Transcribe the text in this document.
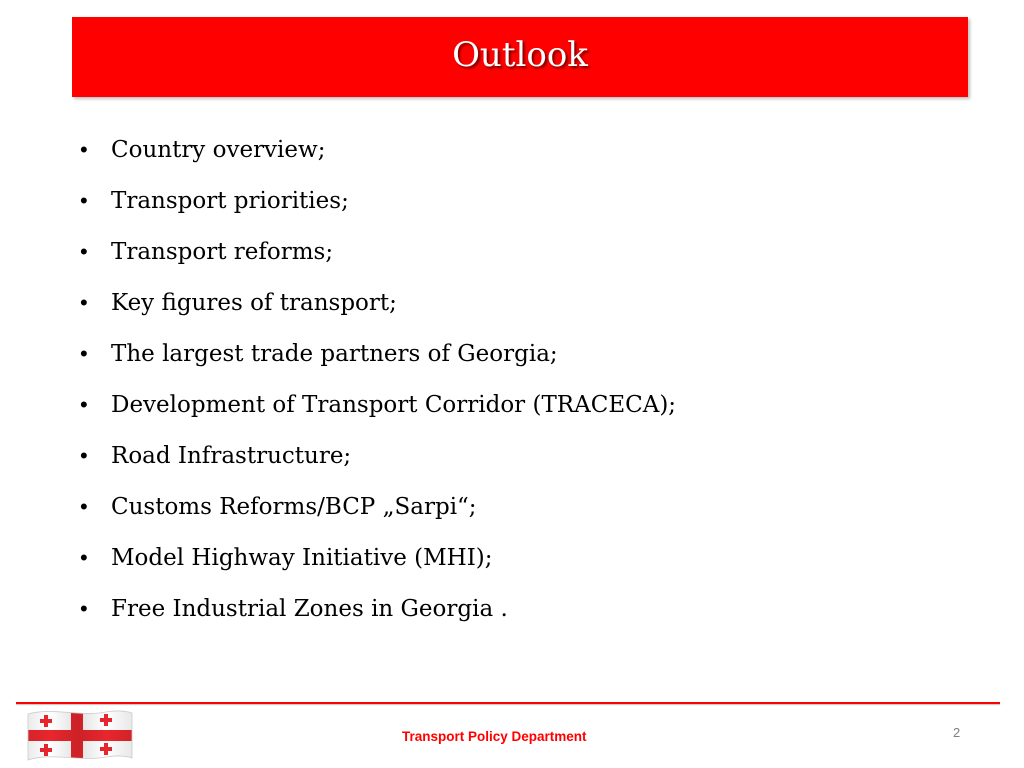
Outlook
•	Country overview;
•	Transport priorities;
•	Transport reforms;
•	Key figures of transport;
•	The largest trade partners of Georgia;
•	Development of Transport Corridor (TRACECA);
•	Road Infrastructure;
•	Customs Reforms/BCP „Sarpi“;
•	Model Highway Initiative (MHI);
•	Free Industrial Zones in Georgia .
Transport Policy Department	2
